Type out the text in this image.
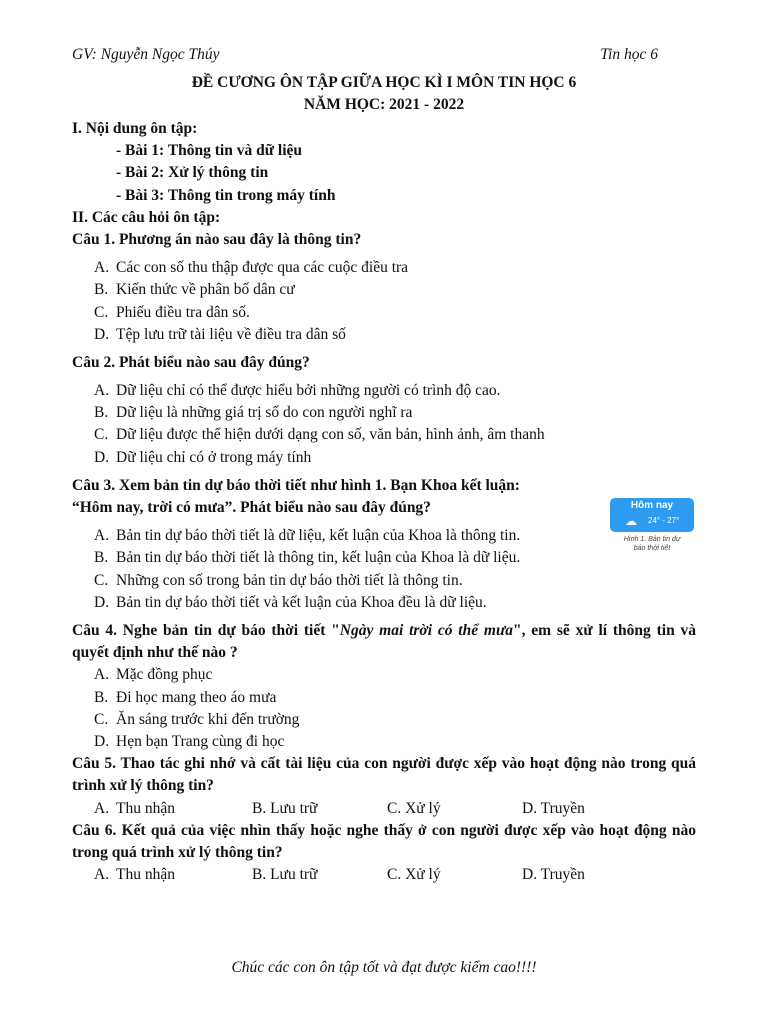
GV: Nguyễn Ngọc Thúy	Tin học 6
ĐỀ CƯƠNG ÔN TẬP GIỮA HỌC KÌ I MÔN TIN HỌC 6
NĂM HỌC: 2021 - 2022
I. Nội dung ôn tập:
- Bài 1: Thông tin và dữ liệu
- Bài 2: Xử lý thông tin
- Bài 3: Thông tin trong máy tính
II. Các câu hỏi ôn tập:
Câu 1. Phương án nào sau đây là thông tin?
A. Các con số thu thập được qua các cuộc điều tra
B. Kiến thức về phân bố dân cư
C. Phiếu điều tra dân số.
D. Tệp lưu trữ tài liệu về điều tra dân số
Câu 2. Phát biểu nào sau đây đúng?
A. Dữ liệu chỉ có thể được hiểu bởi những người có trình độ cao.
B. Dữ liệu là những giá trị số do con người nghĩ ra
C. Dữ liệu được thể hiện dưới dạng con số, văn bản, hình ảnh, âm thanh
D. Dữ liệu chỉ có ở trong máy tính
Câu 3. Xem bản tin dự báo thời tiết như hình 1. Bạn Khoa kết luận:
“Hôm nay, trời có mưa”. Phát biểu nào sau đây đúng?
A. Bản tin dự báo thời tiết là dữ liệu, kết luận của Khoa là thông tin.
B. Bản tin dự báo thời tiết là thông tin, kết luận của Khoa là dữ liệu.
C. Những con số trong bản tin dự báo thời tiết là thông tin.
D. Bản tin dự báo thời tiết và kết luận của Khoa đều là dữ liệu.
Câu 4. Nghe bản tin dự báo thời tiết "Ngày mai trời có thể mưa", em sẽ xử lí thông tin và quyết định như thế nào ?
A. Mặc đồng phục
B. Đi học mang theo áo mưa
C. Ăn sáng trước khi đến trường
D. Hẹn bạn Trang cùng đi học
Câu 5. Thao tác ghi nhớ và cất tài liệu của con người được xếp vào hoạt động nào trong quá trình xử lý thông tin?
A. Thu nhận	B. Lưu trữ	C. Xử lý	D. Truyền
Câu 6. Kết quả của việc nhìn thấy hoặc nghe thấy ở con người được xếp vào hoạt động nào trong quá trình xử lý thông tin?
A. Thu nhận	B. Lưu trữ	C. Xử lý	D. Truyền
Hôm nay
☁ 24° - 27°
Hình 1. Bản tin dự
báo thời tiết
Chúc các con ôn tập tốt và đạt được kiểm cao!!!!
